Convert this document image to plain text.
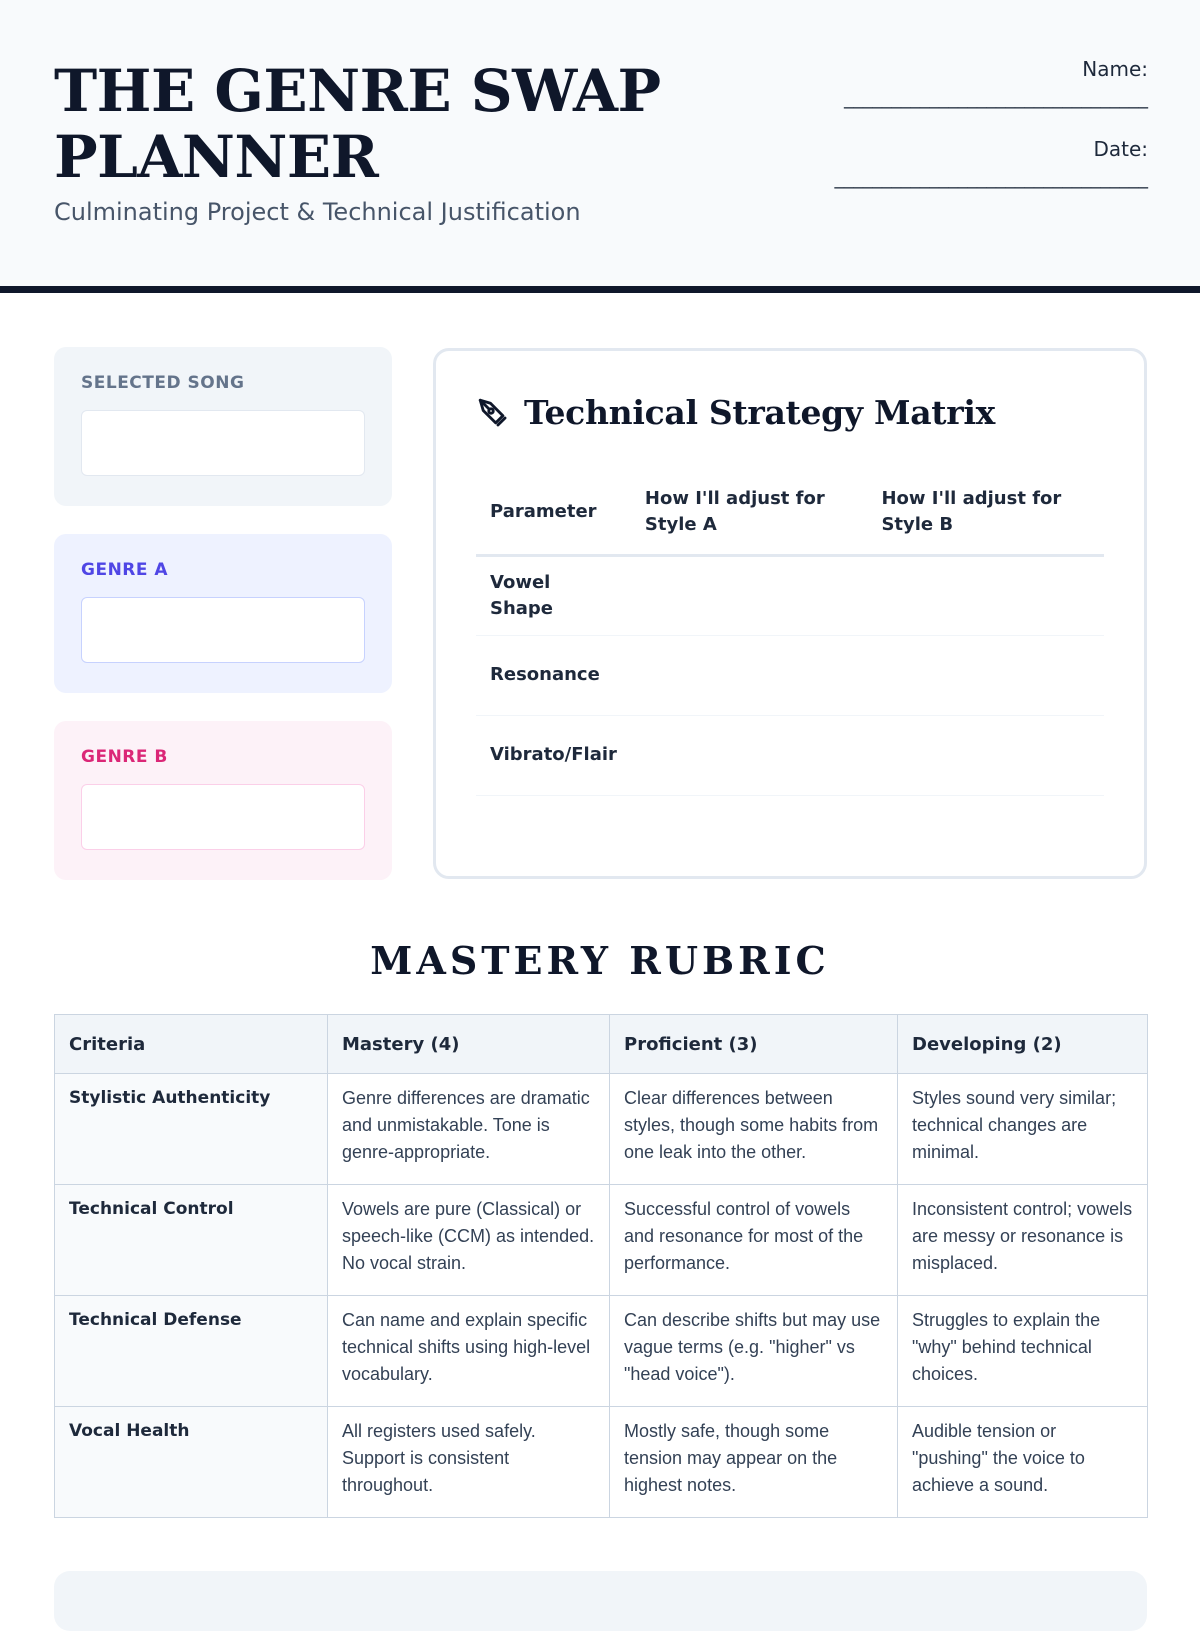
THE GENRE SWAP
PLANNER
Culminating Project & Technical Justification
Name:
________________________________
Date:
_________________________________
SELECTED SONG
GENRE A
GENRE B
Technical Strategy Matrix
Parameter	How I'll adjust for Style A	How I'll adjust for Style B
Vowel Shape		
Resonance		
Vibrato/Flair		
MASTERY RUBRIC
Criteria	Mastery (4)	Proficient (3)	Developing (2)
Stylistic Authenticity	Genre differences are dramatic and unmistakable. Tone is genre-appropriate.	Clear differences between styles, though some habits from one leak into the other.	Styles sound very similar; technical changes are minimal.
Technical Control	Vowels are pure (Classical) or speech-like (CCM) as intended. No vocal strain.	Successful control of vowels and resonance for most of the performance.	Inconsistent control; vowels are messy or resonance is misplaced.
Technical Defense	Can name and explain specific technical shifts using high-level vocabulary.	Can describe shifts but may use vague terms (e.g. "higher" vs "head voice").	Struggles to explain the "why" behind technical choices.
Vocal Health	All registers used safely. Support is consistent throughout.	Mostly safe, though some tension may appear on the highest notes.	Audible tension or "pushing" the voice to achieve a sound.
